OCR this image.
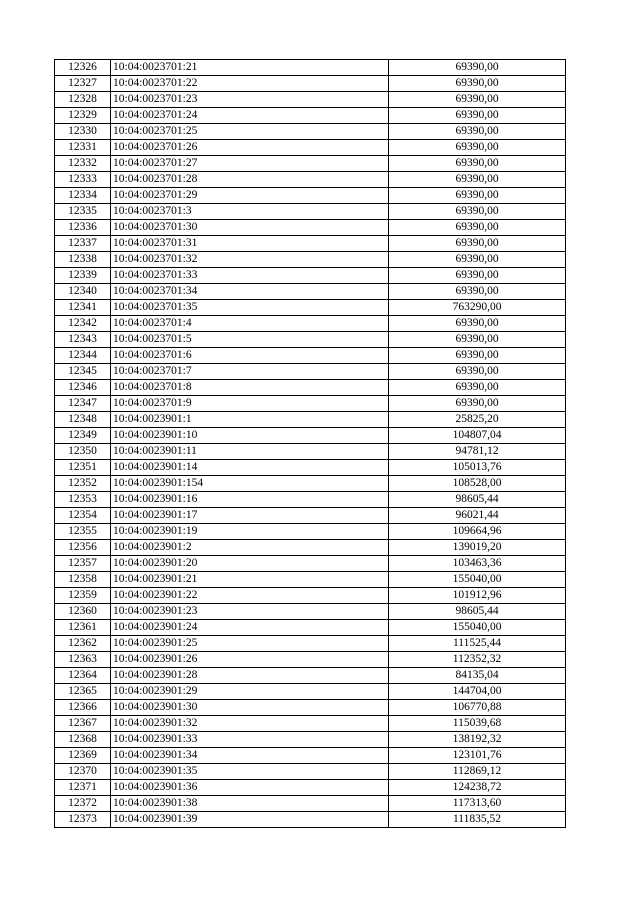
12326	10:04:0023701:21	69390,00
12327	10:04:0023701:22	69390,00
12328	10:04:0023701:23	69390,00
12329	10:04:0023701:24	69390,00
12330	10:04:0023701:25	69390,00
12331	10:04:0023701:26	69390,00
12332	10:04:0023701:27	69390,00
12333	10:04:0023701:28	69390,00
12334	10:04:0023701:29	69390,00
12335	10:04:0023701:3	69390,00
12336	10:04:0023701:30	69390,00
12337	10:04:0023701:31	69390,00
12338	10:04:0023701:32	69390,00
12339	10:04:0023701:33	69390,00
12340	10:04:0023701:34	69390,00
12341	10:04:0023701:35	763290,00
12342	10:04:0023701:4	69390,00
12343	10:04:0023701:5	69390,00
12344	10:04:0023701:6	69390,00
12345	10:04:0023701:7	69390,00
12346	10:04:0023701:8	69390,00
12347	10:04:0023701:9	69390,00
12348	10:04:0023901:1	25825,20
12349	10:04:0023901:10	104807,04
12350	10:04:0023901:11	94781,12
12351	10:04:0023901:14	105013,76
12352	10:04:0023901:154	108528,00
12353	10:04:0023901:16	98605,44
12354	10:04:0023901:17	96021,44
12355	10:04:0023901:19	109664,96
12356	10:04:0023901:2	139019,20
12357	10:04:0023901:20	103463,36
12358	10:04:0023901:21	155040,00
12359	10:04:0023901:22	101912,96
12360	10:04:0023901:23	98605,44
12361	10:04:0023901:24	155040,00
12362	10:04:0023901:25	111525,44
12363	10:04:0023901:26	112352,32
12364	10:04:0023901:28	84135,04
12365	10:04:0023901:29	144704,00
12366	10:04:0023901:30	106770,88
12367	10:04:0023901:32	115039,68
12368	10:04:0023901:33	138192,32
12369	10:04:0023901:34	123101,76
12370	10:04:0023901:35	112869,12
12371	10:04:0023901:36	124238,72
12372	10:04:0023901:38	117313,60
12373	10:04:0023901:39	111835,52
